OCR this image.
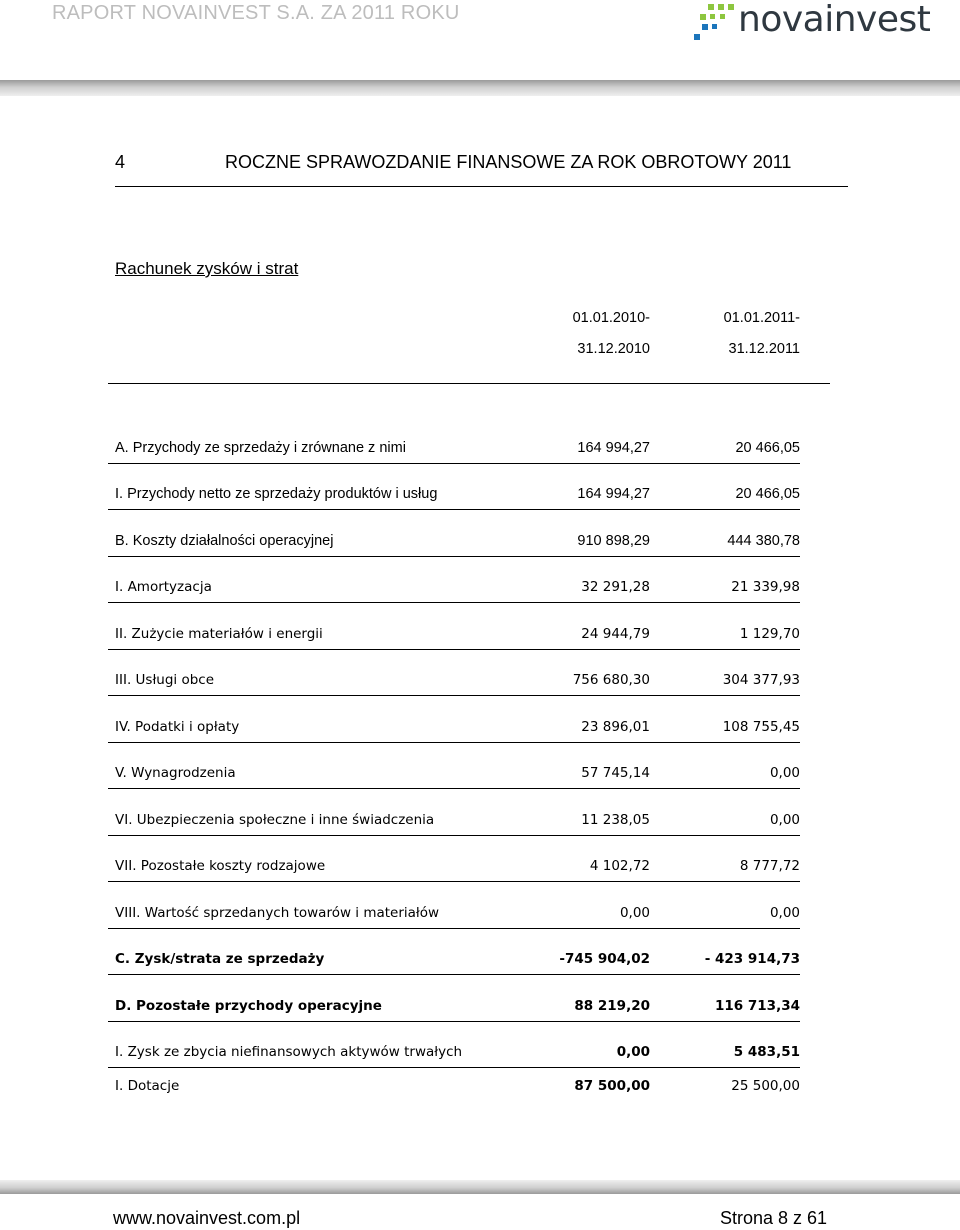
RAPORT NOVAINVEST S.A. ZA 2011 ROKU	novainvest
4	ROCZNE SPRAWOZDANIE FINANSOWE ZA ROK OBROTOWY 2011
Rachunek zysków i strat
01.01.2010-
31.12.2010
01.01.2011-
31.12.2011
A. Przychody ze sprzedaży i zrównane z nimi	164 994,27	20 466,05
I. Przychody netto ze sprzedaży produktów i usług	164 994,27	20 466,05
B. Koszty działalności operacyjnej	910 898,29	444 380,78
I. Amortyzacja	32 291,28	21 339,98
II. Zużycie materiałów i energii	24 944,79	1 129,70
III. Usługi obce	756 680,30	304 377,93
IV. Podatki i opłaty	23 896,01	108 755,45
V. Wynagrodzenia	57 745,14	0,00
VI. Ubezpieczenia społeczne i inne świadczenia	11 238,05	0,00
VII. Pozostałe koszty rodzajowe	4 102,72	8 777,72
VIII. Wartość sprzedanych towarów i materiałów	0,00	0,00
C. Zysk/strata ze sprzedaży	-745 904,02	- 423 914,73
D. Pozostałe przychody operacyjne	88 219,20	116 713,34
I. Zysk ze zbycia niefinansowych aktywów trwałych	0,00	5 483,51
I. Dotacje	87 500,00	25 500,00
www.novainvest.com.pl	Strona 8 z 61
